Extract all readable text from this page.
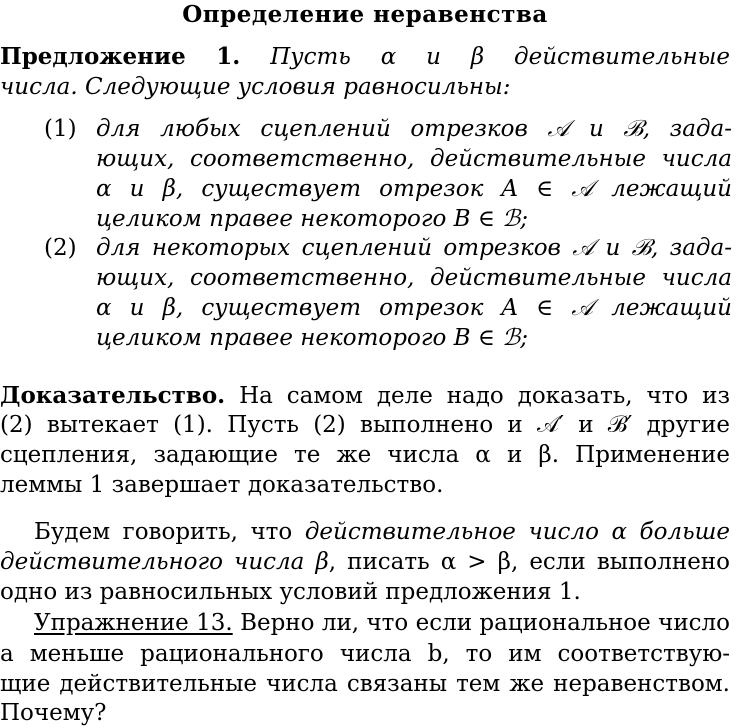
Определение неравенства
Предложение 1. Пусть α и β действительные
числа. Следующие условия равносильны:
(1) для любых сцеплений отрезков 𝒜 и ℬ, зада-
ющих, соответственно, действительные числа
α и β, существует отрезок A ∈ 𝒜 лежащий
целиком правее некоторого B ∈ ℬ;
(2) для некоторых сцеплений отрезков 𝒜 и ℬ, зада-
ющих, соответственно, действительные числа
α и β, существует отрезок A ∈ 𝒜 лежащий
целиком правее некоторого B ∈ ℬ;
Доказательство. На самом деле надо доказать, что из
(2) вытекает (1). Пусть (2) выполнено и 𝒜′ и ℬ′ другие
сцепления, задающие те же числа α и β. Применение
леммы 1 завершает доказательство.
Будем говорить, что действительное число α больше
действительного числа β, писать α > β, если выполнено
одно из равносильных условий предложения 1.
Упражнение 13. Верно ли, что если рациональное число
a меньше рационального числа b, то им соответствую-
щие действительные числа связаны тем же неравенством.
Почему?
